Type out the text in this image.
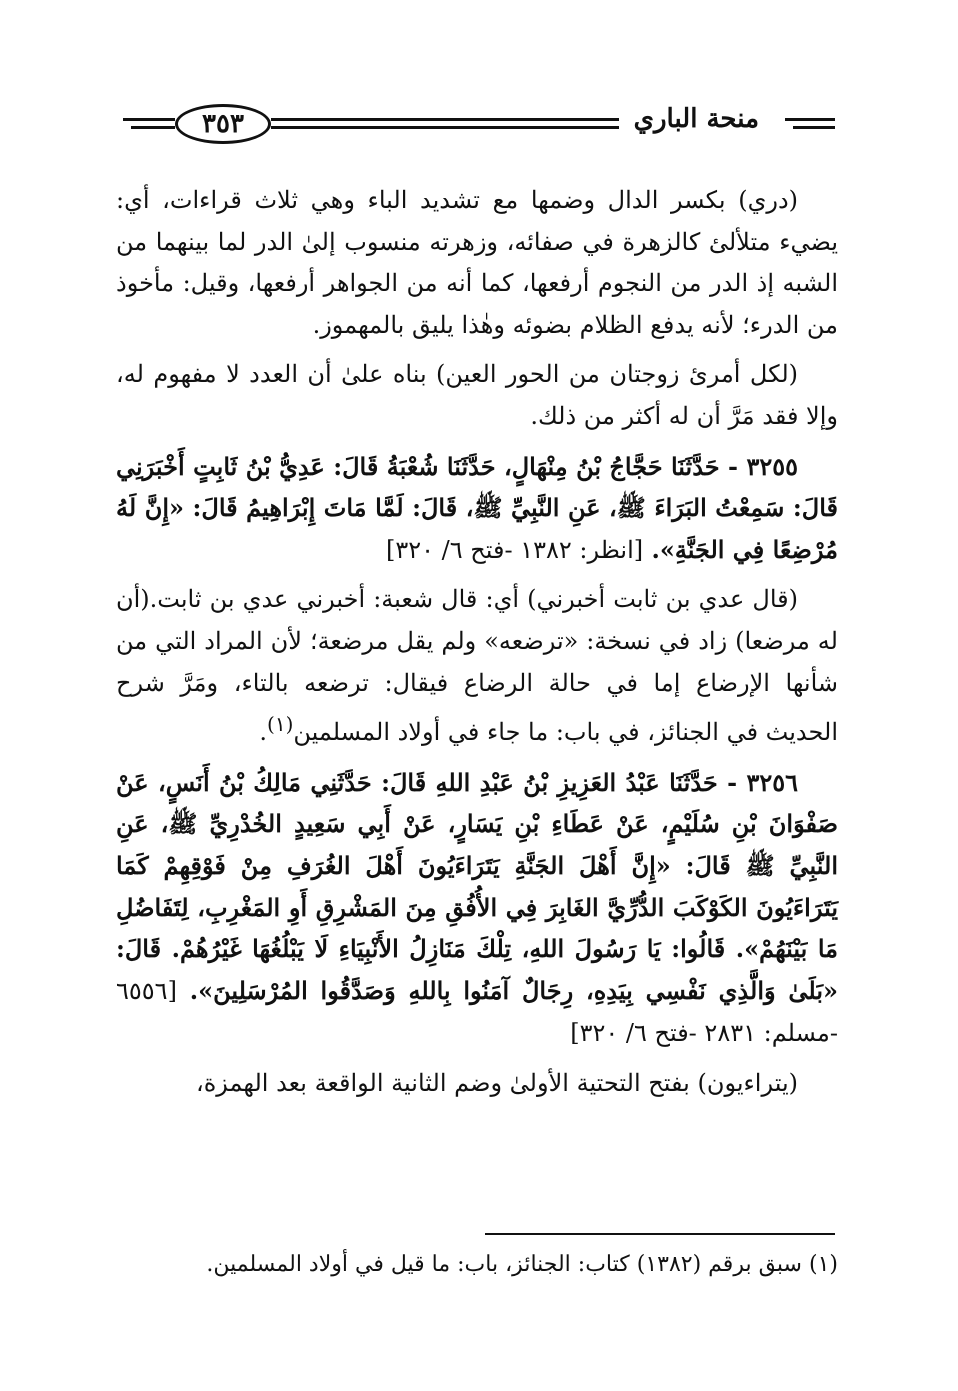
٣٥٣	منحة الباري

(دري) بكسر الدال وضمها مع تشديد الباء وهي ثلاث قراءات، أي: يضيء متلألئ كالزهرة في صفائه، وزهرته منسوب إلىٰ الدر لما بينهما من الشبه إذ الدر من النجوم أرفعها، كما أنه من الجواهر أرفعها، وقيل: مأخوذ من الدرء؛ لأنه يدفع الظلام بضوئه وهٰذا يليق بالمهموز.

(لكل أمرئ زوجتان من الحور العين) بناه علىٰ أن العدد لا مفهوم له، وإلا فقد مَرَّ أن له أكثر من ذلك.

٣٢٥٥ - حَدَّثَنَا حَجَّاجُ بْنُ مِنْهَالٍ، حَدَّثَنَا شُعْبَةُ قَالَ: عَدِيُّ بْنُ ثَابِتٍ أَخْبَرَنِي قَالَ: سَمِعْتُ البَرَاءَ ﷺ، عَنِ النَّبِيِّ ﷺ، قَالَ: لَمَّا مَاتَ إِبْرَاهِيمُ قَالَ: «إِنَّ لَهُ مُرْضِعًا فِي الجَنَّةِ». [انظر: ١٣٨٢ -فتح ٦/ ٣٢٠]

(قال عدي بن ثابت أخبرني) أي: قال شعبة: أخبرني عدي بن ثابت.(أن له مرضعا) زاد في نسخة: «ترضعه» ولم يقل مرضعة؛ لأن المراد التي من شأنها الإرضاع إما في حالة الرضاع فيقال: ترضعه بالتاء، ومَرَّ شرح الحديث في الجنائز، في باب: ما جاء في أولاد المسلمين$^{(١)}$.

٣٢٥٦ - حَدَّثَنَا عَبْدُ العَزِيزِ بْنُ عَبْدِ اللهِ قَالَ: حَدَّثَنِي مَالِكُ بْنُ أَنَسٍ، عَنْ صَفْوَانَ بْنِ سُلَيْمٍ، عَنْ عَطَاءِ بْنِ يَسَارٍ، عَنْ أَبِي سَعِيدٍ الخُدْرِيِّ ﷺ، عَنِ النَّبِيِّ ﷺ قَالَ: «إِنَّ أَهْلَ الجَنَّةِ يَتَرَاءَيُونَ أَهْلَ الغُرَفِ مِنْ فَوْقِهِمْ كَمَا يَتَرَاءَيُونَ الكَوْكَبَ الدُّرِّيَّ الغَابِرَ فِي الأُفُقِ مِنَ المَشْرِقِ أَوِ المَغْرِبِ، لِتَفَاضُلِ مَا بَيْنَهُمْ». قَالُوا: يَا رَسُولَ اللهِ، تِلْكَ مَنَازِلُ الأَنْبِيَاءِ لَا يَبْلُغُهَا غَيْرُهُمْ. قَالَ: «بَلَىٰ وَالَّذِي نَفْسِي بِيَدِهِ، رِجَالٌ آمَنُوا بِاللهِ وَصَدَّقُوا المُرْسَلِينَ». [٦٥٥٦ -مسلم: ٢٨٣١ -فتح ٦/ ٣٢٠]

(يتراءيون) بفتح التحتية الأولىٰ وضم الثانية الواقعة بعد الهمزة،

(١) سبق برقم (١٣٨٢) كتاب: الجنائز، باب: ما قيل في أولاد المسلمين.
